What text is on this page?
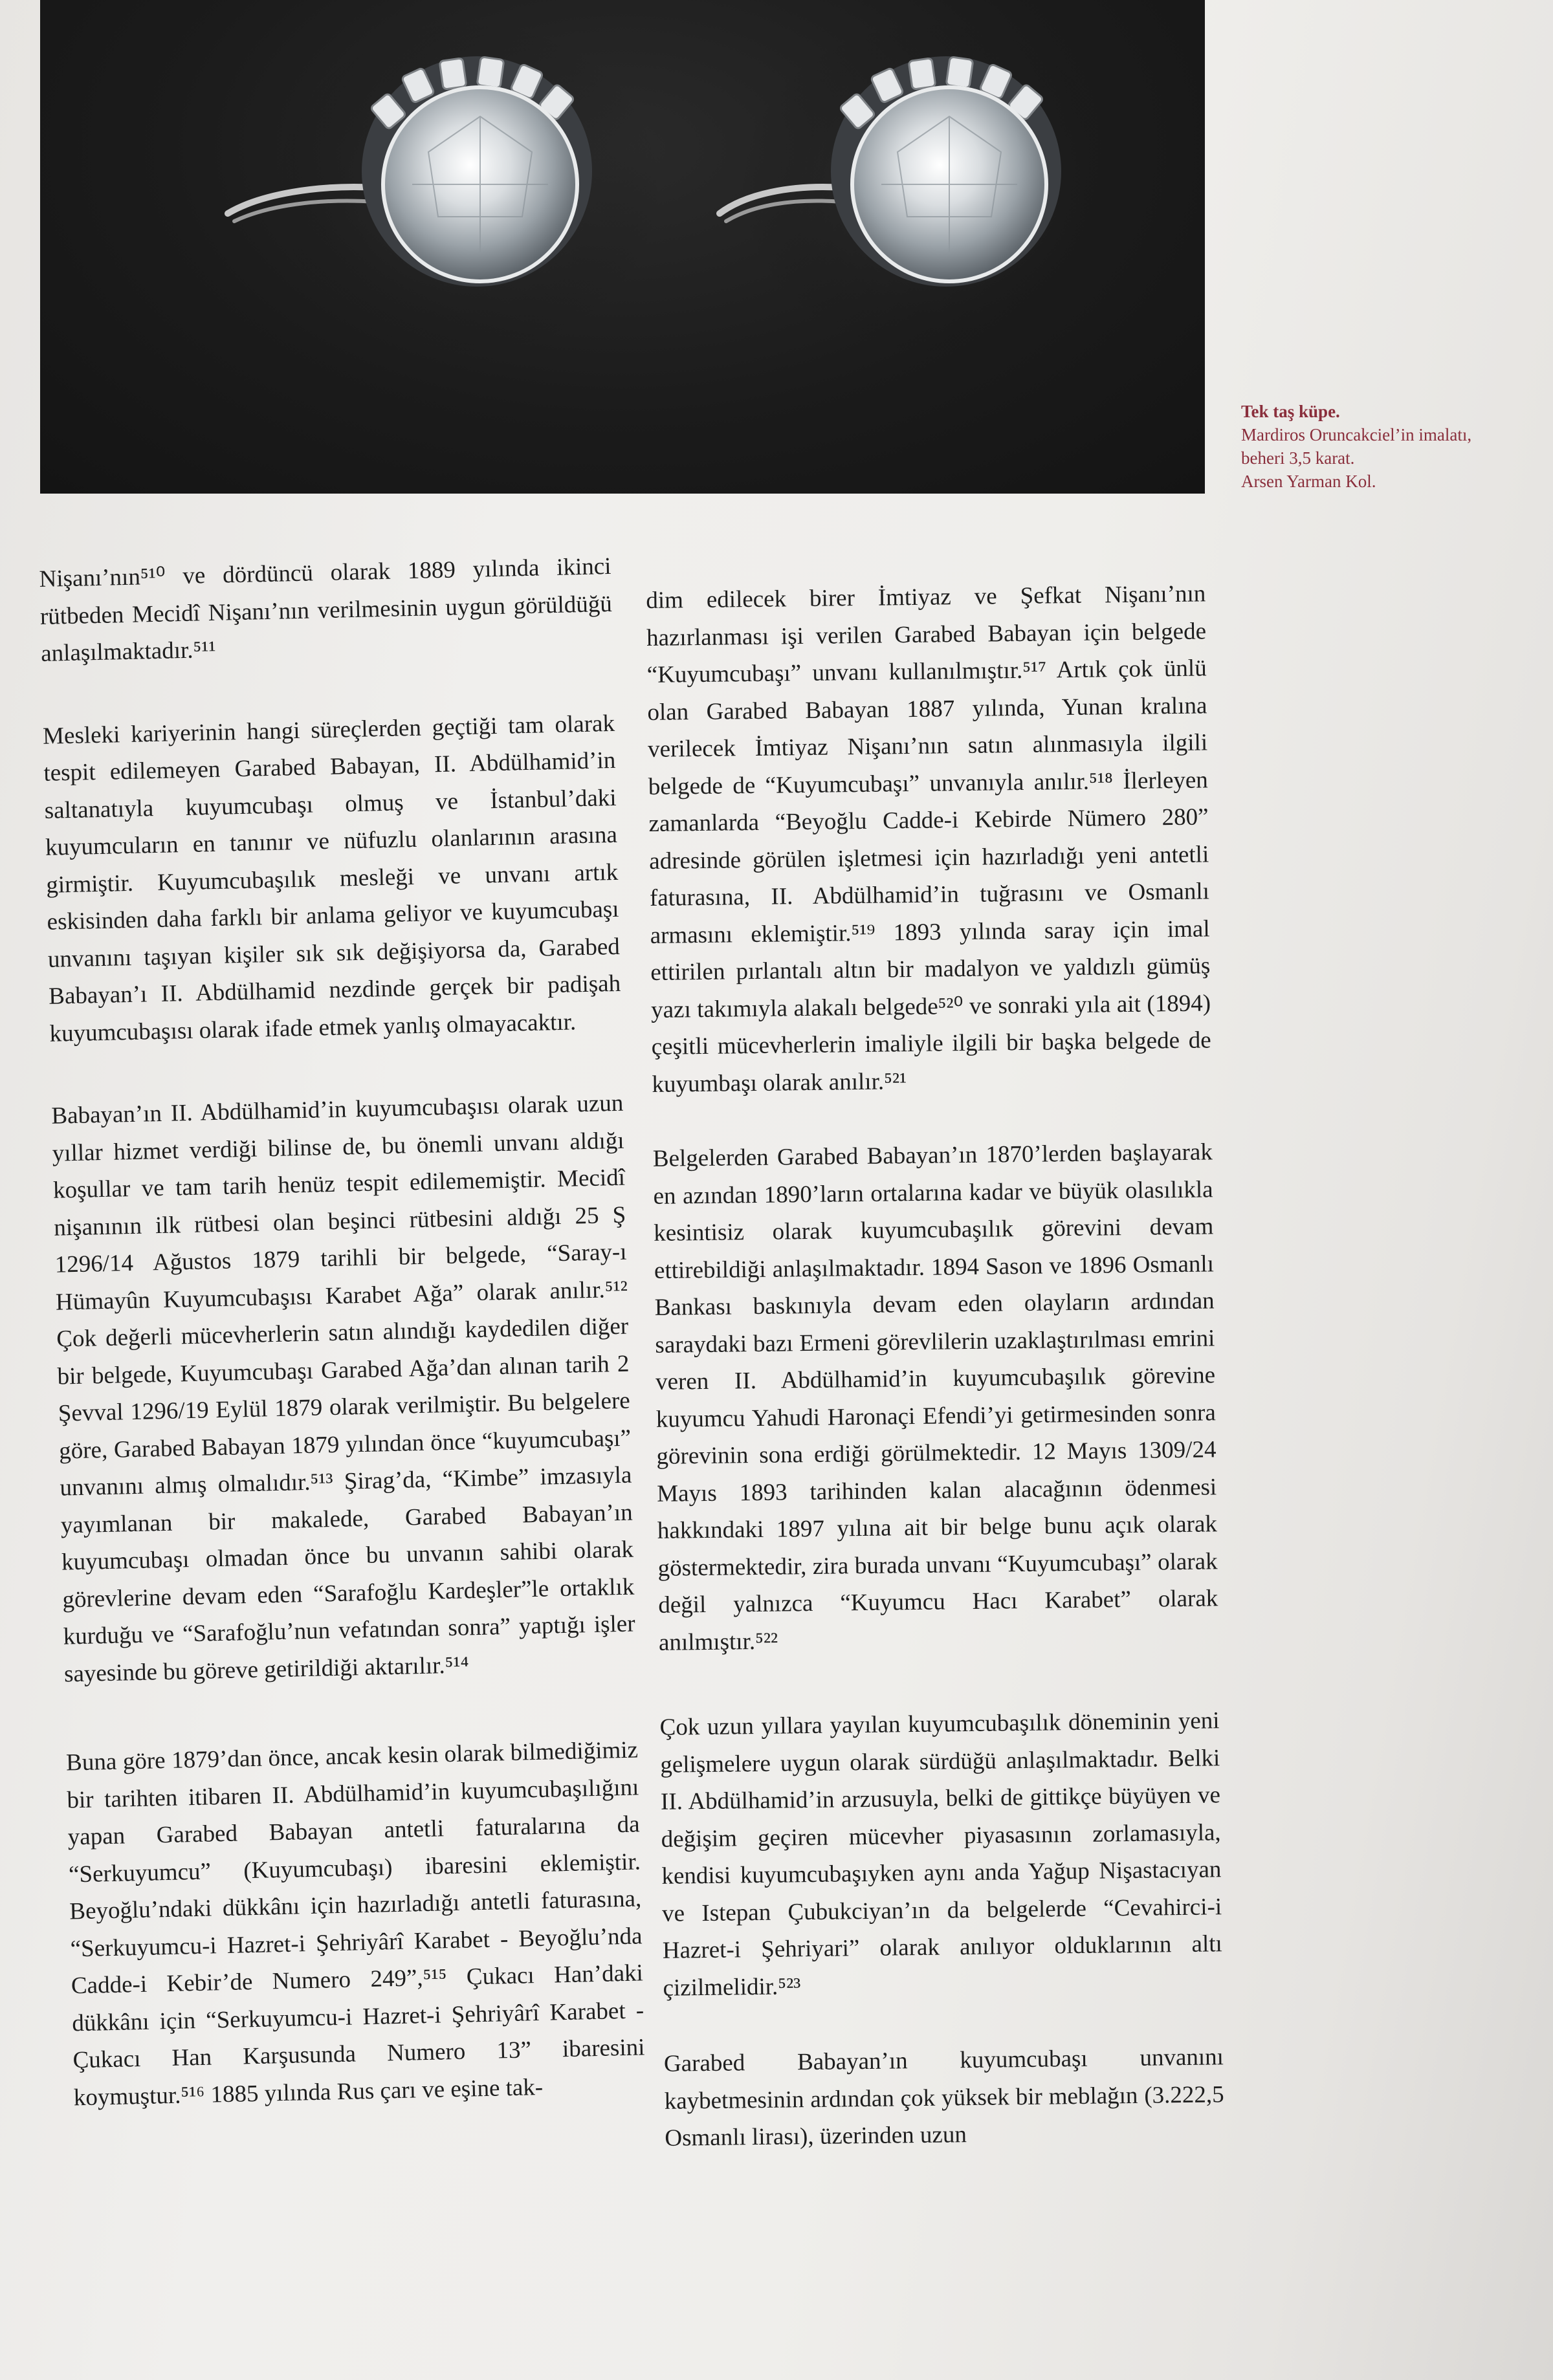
Tek taş küpe.
Mardiros Oruncakciel’in imalatı,
beheri 3,5 karat.
Arsen Yarman Kol.

Nişanı’nın⁵¹⁰ ve dördüncü olarak 1889 yılında ikinci rütbeden Mecidî Nişanı’nın verilmesinin uygun görüldüğü anlaşılmaktadır.⁵¹¹

Mesleki kariyerinin hangi süreçlerden geçtiği tam olarak tespit edilemeyen Garabed Babayan, II. Abdülhamid’in saltanatıyla kuyumcubaşı olmuş ve İstanbul’daki kuyumcuların en tanınır ve nüfuzlu olanlarının arasına girmiştir. Kuyumcubaşılık mesleği ve unvanı artık eskisinden daha farklı bir anlama geliyor ve kuyumcubaşı unvanını taşıyan kişiler sık sık değişiyorsa da, Garabed Babayan’ı II. Abdülhamid nezdinde gerçek bir padişah kuyumcubaşısı olarak ifade etmek yanlış olmayacaktır.

Babayan’ın II. Abdülhamid’in kuyumcubaşısı olarak uzun yıllar hizmet verdiği bilinse de, bu önemli unvanı aldığı koşullar ve tam tarih henüz tespit edilememiştir. Mecidî nişanının ilk rütbesi olan beşinci rütbesini aldığı 25 Ş 1296/14 Ağustos 1879 tarihli bir belgede, “Saray-ı Hümayûn Kuyumcubaşısı Karabet Ağa” olarak anılır.⁵¹² Çok değerli mücevherlerin satın alındığı kaydedilen diğer bir belgede, Kuyumcubaşı Garabed Ağa’dan alınan tarih 2 Şevval 1296/19 Eylül 1879 olarak verilmiştir. Bu belgelere göre, Garabed Babayan 1879 yılından önce “kuyumcubaşı” unvanını almış olmalıdır.⁵¹³ Şirag’da, “Kimbe” imzasıyla yayımlanan bir makalede, Garabed Babayan’ın kuyumcubaşı olmadan önce bu unvanın sahibi olarak görevlerine devam eden “Sarafoğlu Kardeşler”le ortaklık kurduğu ve “Sarafoğlu’nun vefatından sonra” yaptığı işler sayesinde bu göreve getirildiği aktarılır.⁵¹⁴

Buna göre 1879’dan önce, ancak kesin olarak bilmediğimiz bir tarihten itibaren II. Abdülhamid’in kuyumcubaşılığını yapan Garabed Babayan antetli faturalarına da “Serkuyumcu” (Kuyumcubaşı) ibaresini eklemiştir. Beyoğlu’ndaki dükkânı için hazırladığı antetli faturasına, “Serkuyumcu-i Hazret-i Şehriyârî Karabet - Beyoğlu’nda Cadde-i Kebir’de Numero 249”,⁵¹⁵ Çukacı Han’daki dükkânı için “Serkuyumcu-i Hazret-i Şehriyârî Karabet - Çukacı Han Karşusunda Numero 13” ibaresini koymuştur.⁵¹⁶ 1885 yılında Rus çarı ve eşine tak-

dim edilecek birer İmtiyaz ve Şefkat Nişanı’nın hazırlanması işi verilen Garabed Babayan için belgede “Kuyumcubaşı” unvanı kullanılmıştır.⁵¹⁷ Artık çok ünlü olan Garabed Babayan 1887 yılında, Yunan kralına verilecek İmtiyaz Nişanı’nın satın alınmasıyla ilgili belgede de “Kuyumcubaşı” unvanıyla anılır.⁵¹⁸ İlerleyen zamanlarda “Beyoğlu Cadde-i Kebirde Nümero 280” adresinde görülen işletmesi için hazırladığı yeni antetli faturasına, II. Abdülhamid’in tuğrasını ve Osmanlı armasını eklemiştir.⁵¹⁹ 1893 yılında saray için imal ettirilen pırlantalı altın bir madalyon ve yaldızlı gümüş yazı takımıyla alakalı belgede⁵²⁰ ve sonraki yıla ait (1894) çeşitli mücevherlerin imaliyle ilgili bir başka belgede de kuyumbaşı olarak anılır.⁵²¹

Belgelerden Garabed Babayan’ın 1870’lerden başlayarak en azından 1890’ların ortalarına kadar ve büyük olasılıkla kesintisiz olarak kuyumcubaşılık görevini devam ettirebildiği anlaşılmaktadır. 1894 Sason ve 1896 Osmanlı Bankası baskınıyla devam eden olayların ardından saraydaki bazı Ermeni görevlilerin uzaklaştırılması emrini veren II. Abdülhamid’in kuyumcubaşılık görevine kuyumcu Yahudi Haronaçi Efendi’yi getirmesinden sonra görevinin sona erdiği görülmektedir. 12 Mayıs 1309/24 Mayıs 1893 tarihinden kalan alacağının ödenmesi hakkındaki 1897 yılına ait bir belge bunu açık olarak göstermektedir, zira burada unvanı “Kuyumcubaşı” olarak değil yalnızca “Kuyumcu Hacı Karabet” olarak anılmıştır.⁵²²

Çok uzun yıllara yayılan kuyumcubaşılık döneminin yeni gelişmelere uygun olarak sürdüğü anlaşılmaktadır. Belki II. Abdülhamid’in arzusuyla, belki de gittikçe büyüyen ve değişim geçiren mücevher piyasasının zorlamasıyla, kendisi kuyumcubaşıyken aynı anda Yağup Nişastacıyan ve Istepan Çubukciyan’ın da belgelerde “Cevahirci-i Hazret-i Şehriyari” olarak anılıyor olduklarının altı çizilmelidir.⁵²³

Garabed Babayan’ın kuyumcubaşı unvanını kaybetmesinin ardından çok yüksek bir meblağın (3.222,5 Osmanlı lirası), üzerinden uzun
